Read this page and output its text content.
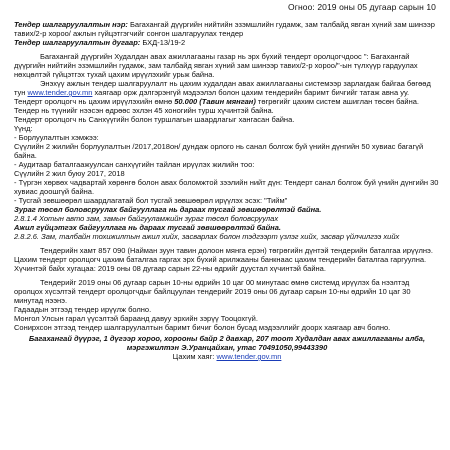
Огноо: 2019 оны 05 дугаар сарын 10

Тендер шалгаруулалтын нэр: Багахангай дүүргийн нийтийн эзэмшлийн гудамж, зам талбайд явган хүний зам шинээр тавих/2-р хороо/ ажлын гүйцэтгэгчийг сонгон шалгаруулах тендер

Тендер шалгаруулалтын дугаар: БХД-13/19-2

Багахангай дүүргийн Худалдан авах ажиллагааны газар нь эрх бүхий тендерт оролцогчдоос ": Багахангай дүүргийн нийтийн эзэмшлийн гудамж, зам талбайд явган хүний зам шинээр тавих/2-р хороо/"-ын түлхүүр гардуулах нөхцөлтэй гүйцэтгэх тухай цахим ирүүлэхийг урьж байна.

Энэхүү ажлын тендер шалгаруулалт нь цахим худалдан авах ажиллагааны системээр зарлагдаж байгаа бөгөөд тун www.tender.gov.mn хаягаар орж дэлгэрэнгүй мэдээлэл болон цахим тендерийн баримт бичгийг татаж авна уу.

Тендерт оролцогч нь цахим ирүүлэхийн өмнө 50.000 (Тавин мянган) төгрөгийг цахим систем ашиглан төсөн байна.

Тендер нь түүнийг нээсэн өдрөөс эхлэн 45 хоногийн турш хүчинтэй байна.

Тендерт оролцогч нь Санхүүгийн болон туршлагын шаардлагыг хангасан байна.

Үүнд:

- Борлуулалтын хэмжээ:

Сүүлийн 2 жилийн борлуулалтын /2017,2018он/ дундаж орлого нь санал болгож буй үнийн дүнгийн 50 хувиас багагүй байна.

- Аудитаар баталгаажуулсан санхүүгийн тайлан ирүүлэх жилийн тоо:

Сүүлийн 2 жил буюу 2017, 2018

- Түргэн хөрвөх чадвартай хөрөнгө болон авах боломжтой зээлийн нийт дүн: Тендерт санал болгож буй үнийн дүнгийн 30 хувиас доошгүй байна.

- Тусгай зөвшөөрөл шаардлагатай бол тусгай зөвшөөрөл ирүүлэх эсэх: "Тийм"

Зураг төсөл боловсруулах байгууллага нь дараах тусгай зөвшөөрөлтэй байна.

2.8.1.4 Хотын авто зам, замын байгууламжийн зураг төсөл боловсруулах

Ажил гүйцэтгэх байгууллага нь дараах тусгай зөвшөөрөлтэй байна.

2.8.2.6. Зам, талбайн тохижилтын ажил хийх, засварлах болон тэдгээрт үзлэг хийх, засвар үйлчилгээ хийх

Тендерийн хамт 857 090 (Найман зуун тавин долоон мянга ерэн) төгрөгийн дүнтэй тендерийн баталгаа ирүүлнэ. Цахим тендерт оролцогч цахим баталгаа гаргах эрх бүхий арилжааны банкнаас цахим тендерийн баталгаа гаргуулна.

Хүчинтэй байх хугацаа: 2019 оны 08 дугаар сарын 22-ны өдрийг дуустал хүчинтэй байна.

Тендерийг 2019 оны 06 дугаар сарын 10-ны өдрийн 10 цаг 00 минутаас өмнө системд ирүүлэх ба нээлтэд оролцох хүсэлтэй тендерт оролцогчдыг байлцуулан тендерийг 2019 оны 06 дугаар сарын 10-ны өдрийн 10 цаг 30 минутад нээнэ.

Гадаадын этгээд тендер ирүүлж болно.

Монгол Улсын гарал үүсэлтэй бараанд давуу эрхийн зэрүү Тооцохгүй.

Сонирхсон этгээд тендер шалгаруулалтын баримт бичиг болон бусад мэдээллийг доорх хаягаар авч болно.

Багахангай дүүрэг, 1 дүгээр хороо, хорооны байр 2 давхар, 207 тоот Худалдан авах ажиллагааны алба, мэргэжилтэн Э.Уранцайхан, утас 70491050,99443390

Цахим хаяг: www.tender.gov.mn
